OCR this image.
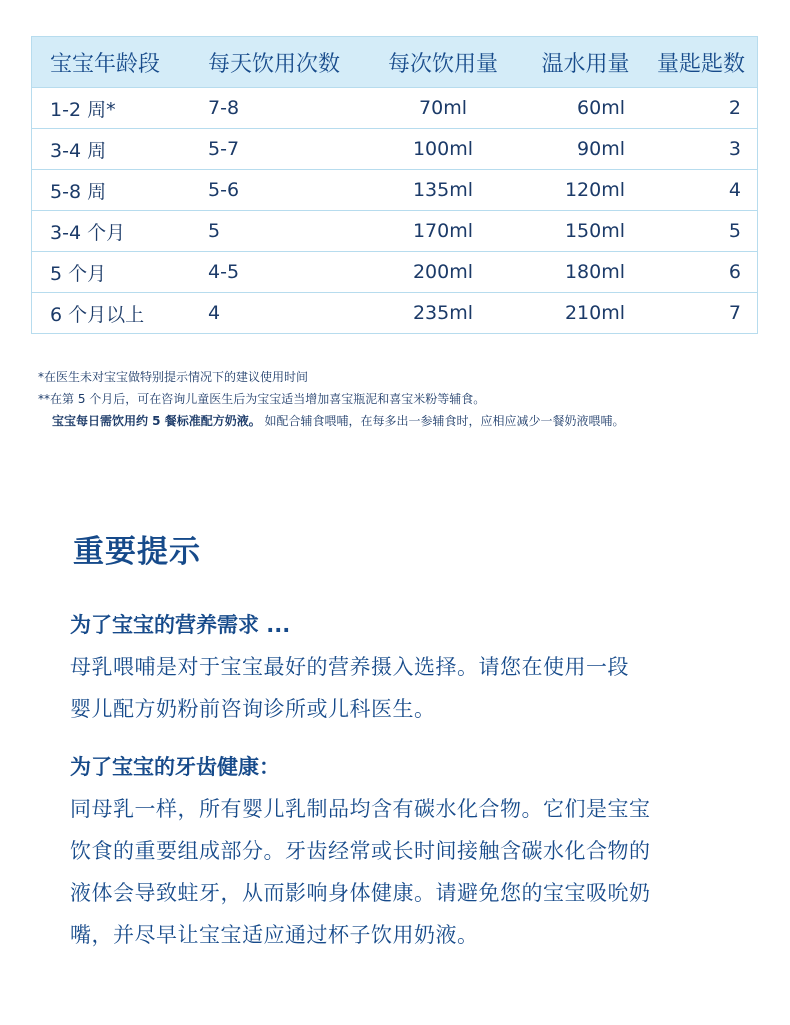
宝宝年龄段	每天饮用次数	每次饮用量	温水用量	量匙匙数
1-2 周*	7-8	70ml	60ml	2
3-4 周	5-7	100ml	90ml	3
5-8 周	5-6	135ml	120ml	4
3-4 个月	5	170ml	150ml	5
5 个月	4-5	200ml	180ml	6
6 个月以上	4	235ml	210ml	7
*在医生未对宝宝做特别提示情况下的建议使用时间
**在第 5 个月后，可在咨询儿童医生后为宝宝适当增加喜宝瓶泥和喜宝米粉等辅食。
宝宝每日需饮用约 5 餐标准配方奶液。 如配合辅食喂哺，在每多出一参辅食时，应相应减少一餐奶液喂哺。
重要提示
为了宝宝的营养需求 ...

母乳喂哺是对于宝宝最好的营养摄入选择。请您在使用一段

婴儿配方奶粉前咨询诊所或儿科医生。

为了宝宝的牙齿健康：

同母乳一样，所有婴儿乳制品均含有碳水化合物。它们是宝宝

饮食的重要组成部分。牙齿经常或长时间接触含碳水化合物的

液体会导致蛀牙，从而影响身体健康。请避免您的宝宝吸吮奶

嘴，并尽早让宝宝适应通过杯子饮用奶液。
